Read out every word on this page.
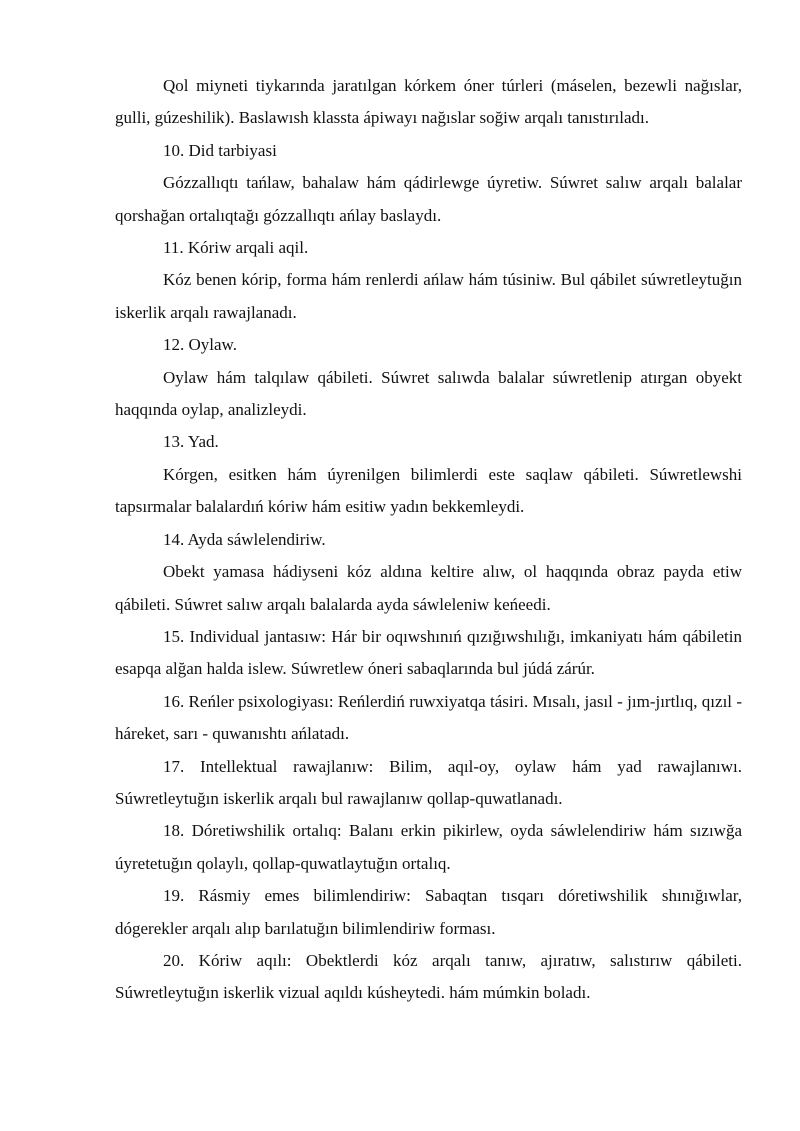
Qol miyneti tiykarında jaratılgan kórkem óner túrleri (máselen, bezewli nağıslar, gulli, gúzeshilik). Baslawısh klassta ápiwayı nağıslar soğiw arqalı tanıstırıladı.

10. Did tarbiyasi

Gózzallıqtı tańlaw, bahalaw hám qádirlewge úyretiw. Súwret salıw arqalı balalar qorshağan ortalıqtağı gózzallıqtı ańlay baslaydı.

11. Kóriw arqali aqil.

Kóz benen kórip, forma hám renlerdi ańlaw hám túsiniw. Bul qábilet súwretleytuğın iskerlik arqalı rawajlanadı.

12. Oylaw.

Oylaw hám talqılaw qábileti. Súwret salıwda balalar súwretlenip atırgan obyekt haqqında oylap, analizleydi.

13. Yad.

Kórgen, esitken hám úyrenilgen bilimlerdi este saqlaw qábileti. Súwretlewshi tapsırmalar balalardıń kóriw hám esitiw yadın bekkemleydi.

14. Ayda sáwlelendiriw.

Obekt yamasa hádiyseni kóz aldına keltire alıw, ol haqqında obraz payda etiw qábileti. Súwret salıw arqalı balalarda ayda sáwleleniw keńeedi.

15. Individual jantasıw: Hár bir oqıwshınıń qızığıwshılığı, imkaniyatı hám qábiletin esapqa alğan halda islew. Súwretlew óneri sabaqlarında bul júdá zárúr.

16. Reńler psixologiyası: Reńlerdiń ruwxiyatqa tásiri. Mısalı, jasıl - jım-jırtlıq, qızıl - háreket, sarı - quwanıshtı ańlatadı.

17. Intellektual rawajlanıw: Bilim, aqıl-oy, oylaw hám yad rawajlanıwı. Súwretleytuğın iskerlik arqalı bul rawajlanıw qollap-quwatlanadı.

18. Dóretiwshilik ortalıq: Balanı erkin pikirlew, oyda sáwlelendiriw hám sızıwğa úyretetuğın qolaylı, qollap-quwatlaytuğın ortalıq.

19. Rásmiy emes bilimlendiriw: Sabaqtan tısqarı dóretiwshilik shınığıwlar, dógerekler arqalı alıp barılatuğın bilimlendiriw forması.

20. Kóriw aqılı: Obektlerdi kóz arqalı tanıw, ajıratıw, salıstırıw qábileti. Súwretleytuğın iskerlik vizual aqıldı kúsheytedi. hám múmkin boladı.
